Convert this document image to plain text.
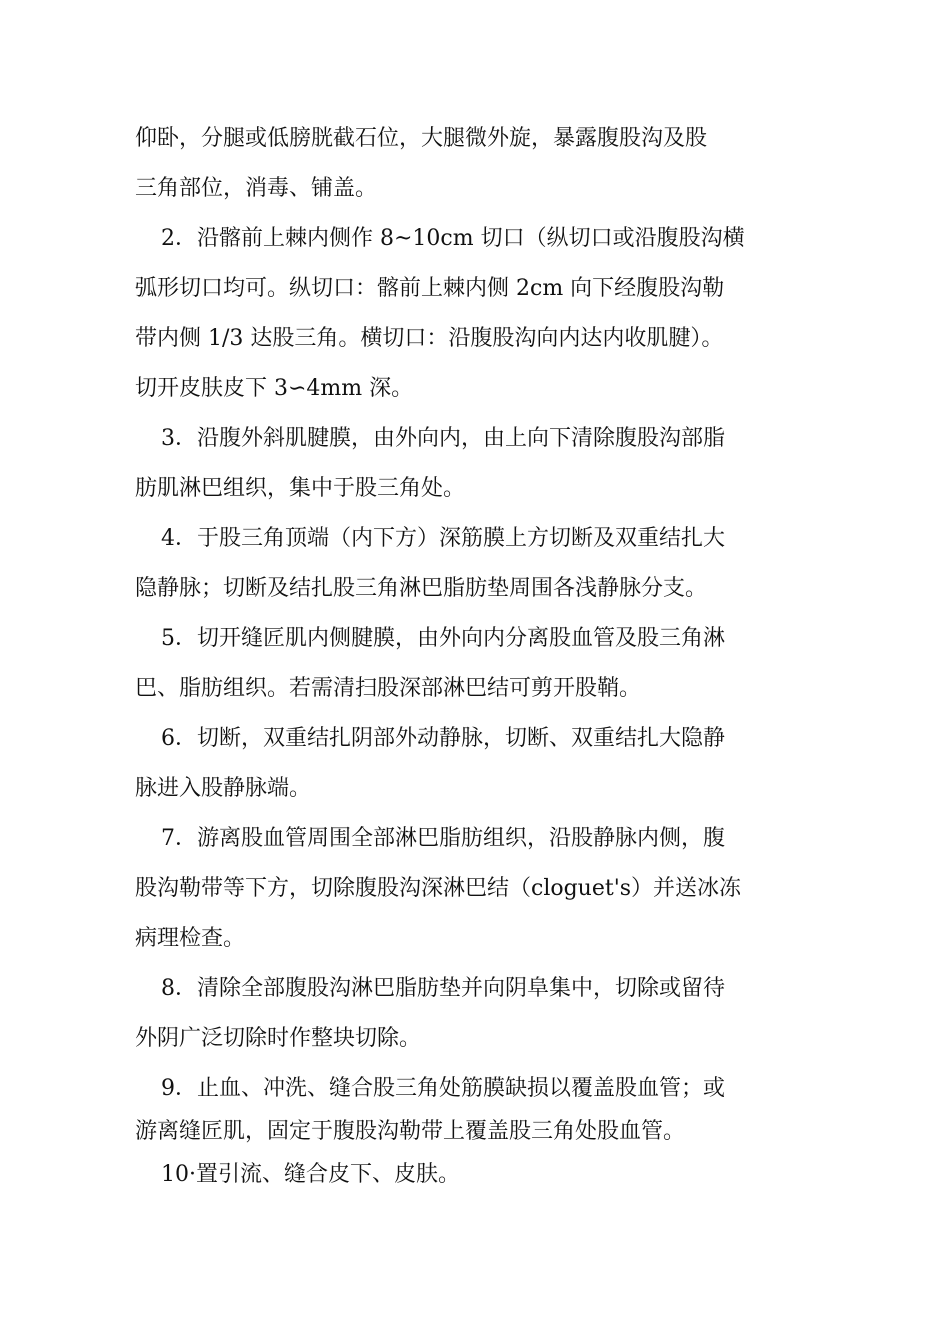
仰卧，分腿或低膀胱截石位，大腿微外旋，暴露腹股沟及股
三角部位，消毒、铺盖。
2．沿髂前上棘内侧作 8~10cm 切口（纵切口或沿腹股沟横
弧形切口均可。纵切口：髂前上棘内侧 2cm 向下经腹股沟勒
带内侧 1/3 达股三角。横切口：沿腹股沟向内达内收肌腱）。
切开皮肤皮下 3∽4mm 深。
3．沿腹外斜肌腱膜，由外向内，由上向下清除腹股沟部脂
肪肌淋巴组织，集中于股三角处。
4．于股三角顶端（内下方）深筋膜上方切断及双重结扎大
隐静脉；切断及结扎股三角淋巴脂肪垫周围各浅静脉分支。
5．切开缝匠肌内侧腱膜，由外向内分离股血管及股三角淋
巴、脂肪组织。若需清扫股深部淋巴结可剪开股鞘。
6．切断，双重结扎阴部外动静脉，切断、双重结扎大隐静
脉进入股静脉端。
7．游离股血管周围全部淋巴脂肪组织，沿股静脉内侧，腹
股沟勒带等下方，切除腹股沟深淋巴结（cloguet's）并送冰冻
病理检查。
8．清除全部腹股沟淋巴脂肪垫并向阴阜集中，切除或留待
外阴广泛切除时作整块切除。
9．止血、冲洗、缝合股三角处筋膜缺损以覆盖股血管；或
游离缝匠肌，固定于腹股沟勒带上覆盖股三角处股血管。
10·置引流、缝合皮下、皮肤。
